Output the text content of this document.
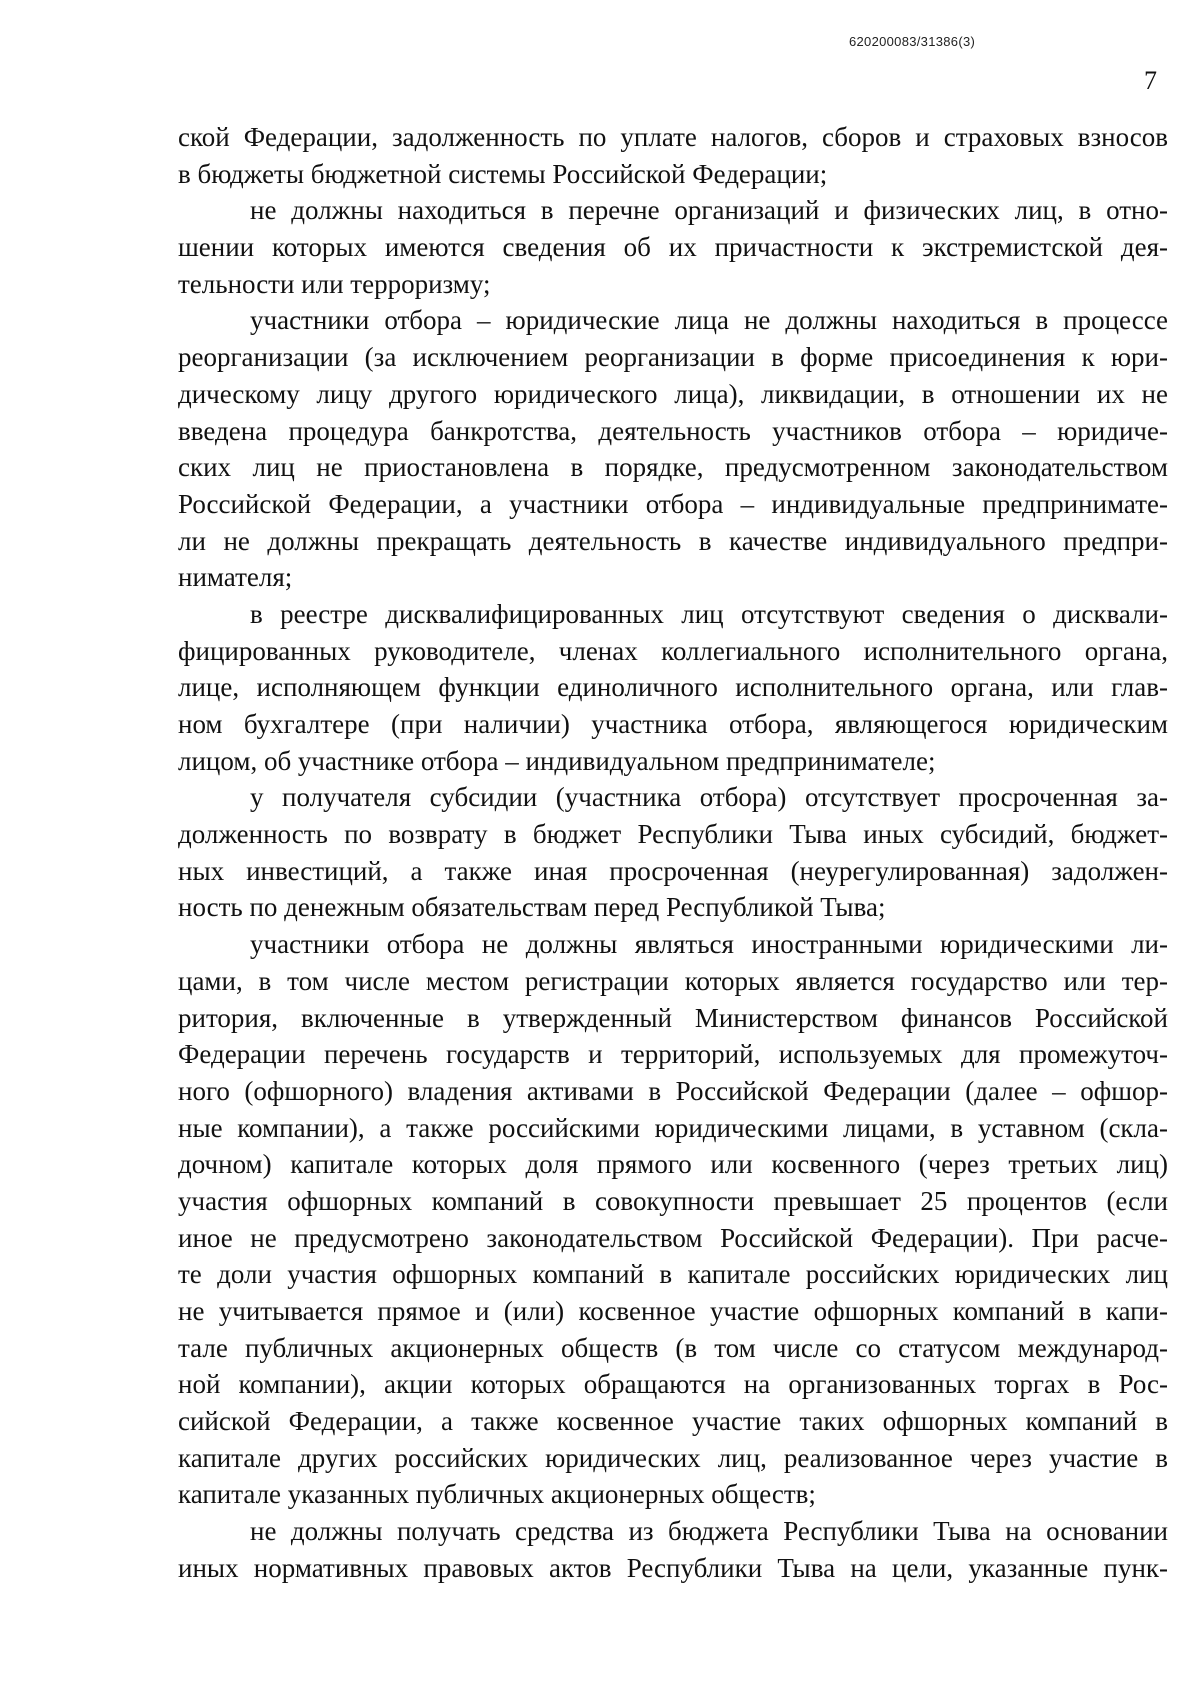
620200083/31386(3)
7
ской Федерации, задолженность по уплате налогов, сборов и страховых взносов
в бюджеты бюджетной системы Российской Федерации;
не должны находиться в перечне организаций и физических лиц, в отно-
шении которых имеются сведения об их причастности к экстремистской дея-
тельности или терроризму;
участники отбора – юридические лица не должны находиться в процессе
реорганизации (за исключением реорганизации в форме присоединения к юри-
дическому лицу другого юридического лица), ликвидации, в отношении их не
введена процедура банкротства, деятельность участников отбора – юридиче-
ских лиц не приостановлена в порядке, предусмотренном законодательством
Российской Федерации, а участники отбора – индивидуальные предпринимате-
ли не должны прекращать деятельность в качестве индивидуального предпри-
нимателя;
в реестре дисквалифицированных лиц отсутствуют сведения о дисквали-
фицированных руководителе, членах коллегиального исполнительного органа,
лице, исполняющем функции единоличного исполнительного органа, или глав-
ном бухгалтере (при наличии) участника отбора, являющегося юридическим
лицом, об участнике отбора – индивидуальном предпринимателе;
у получателя субсидии (участника отбора) отсутствует просроченная за-
долженность по возврату в бюджет Республики Тыва иных субсидий, бюджет-
ных инвестиций, а также иная просроченная (неурегулированная) задолжен-
ность по денежным обязательствам перед Республикой Тыва;
участники отбора не должны являться иностранными юридическими ли-
цами, в том числе местом регистрации которых является государство или тер-
ритория, включенные в утвержденный Министерством финансов Российской
Федерации перечень государств и территорий, используемых для промежуточ-
ного (офшорного) владения активами в Российской Федерации (далее – офшор-
ные компании), а также российскими юридическими лицами, в уставном (скла-
дочном) капитале которых доля прямого или косвенного (через третьих лиц)
участия офшорных компаний в совокупности превышает 25 процентов (если
иное не предусмотрено законодательством Российской Федерации). При расче-
те доли участия офшорных компаний в капитале российских юридических лиц
не учитывается прямое и (или) косвенное участие офшорных компаний в капи-
тале публичных акционерных обществ (в том числе со статусом международ-
ной компании), акции которых обращаются на организованных торгах в Рос-
сийской Федерации, а также косвенное участие таких офшорных компаний в
капитале других российских юридических лиц, реализованное через участие в
капитале указанных публичных акционерных обществ;
не должны получать средства из бюджета Республики Тыва на основании
иных нормативных правовых актов Республики Тыва на цели, указанные пунк-
